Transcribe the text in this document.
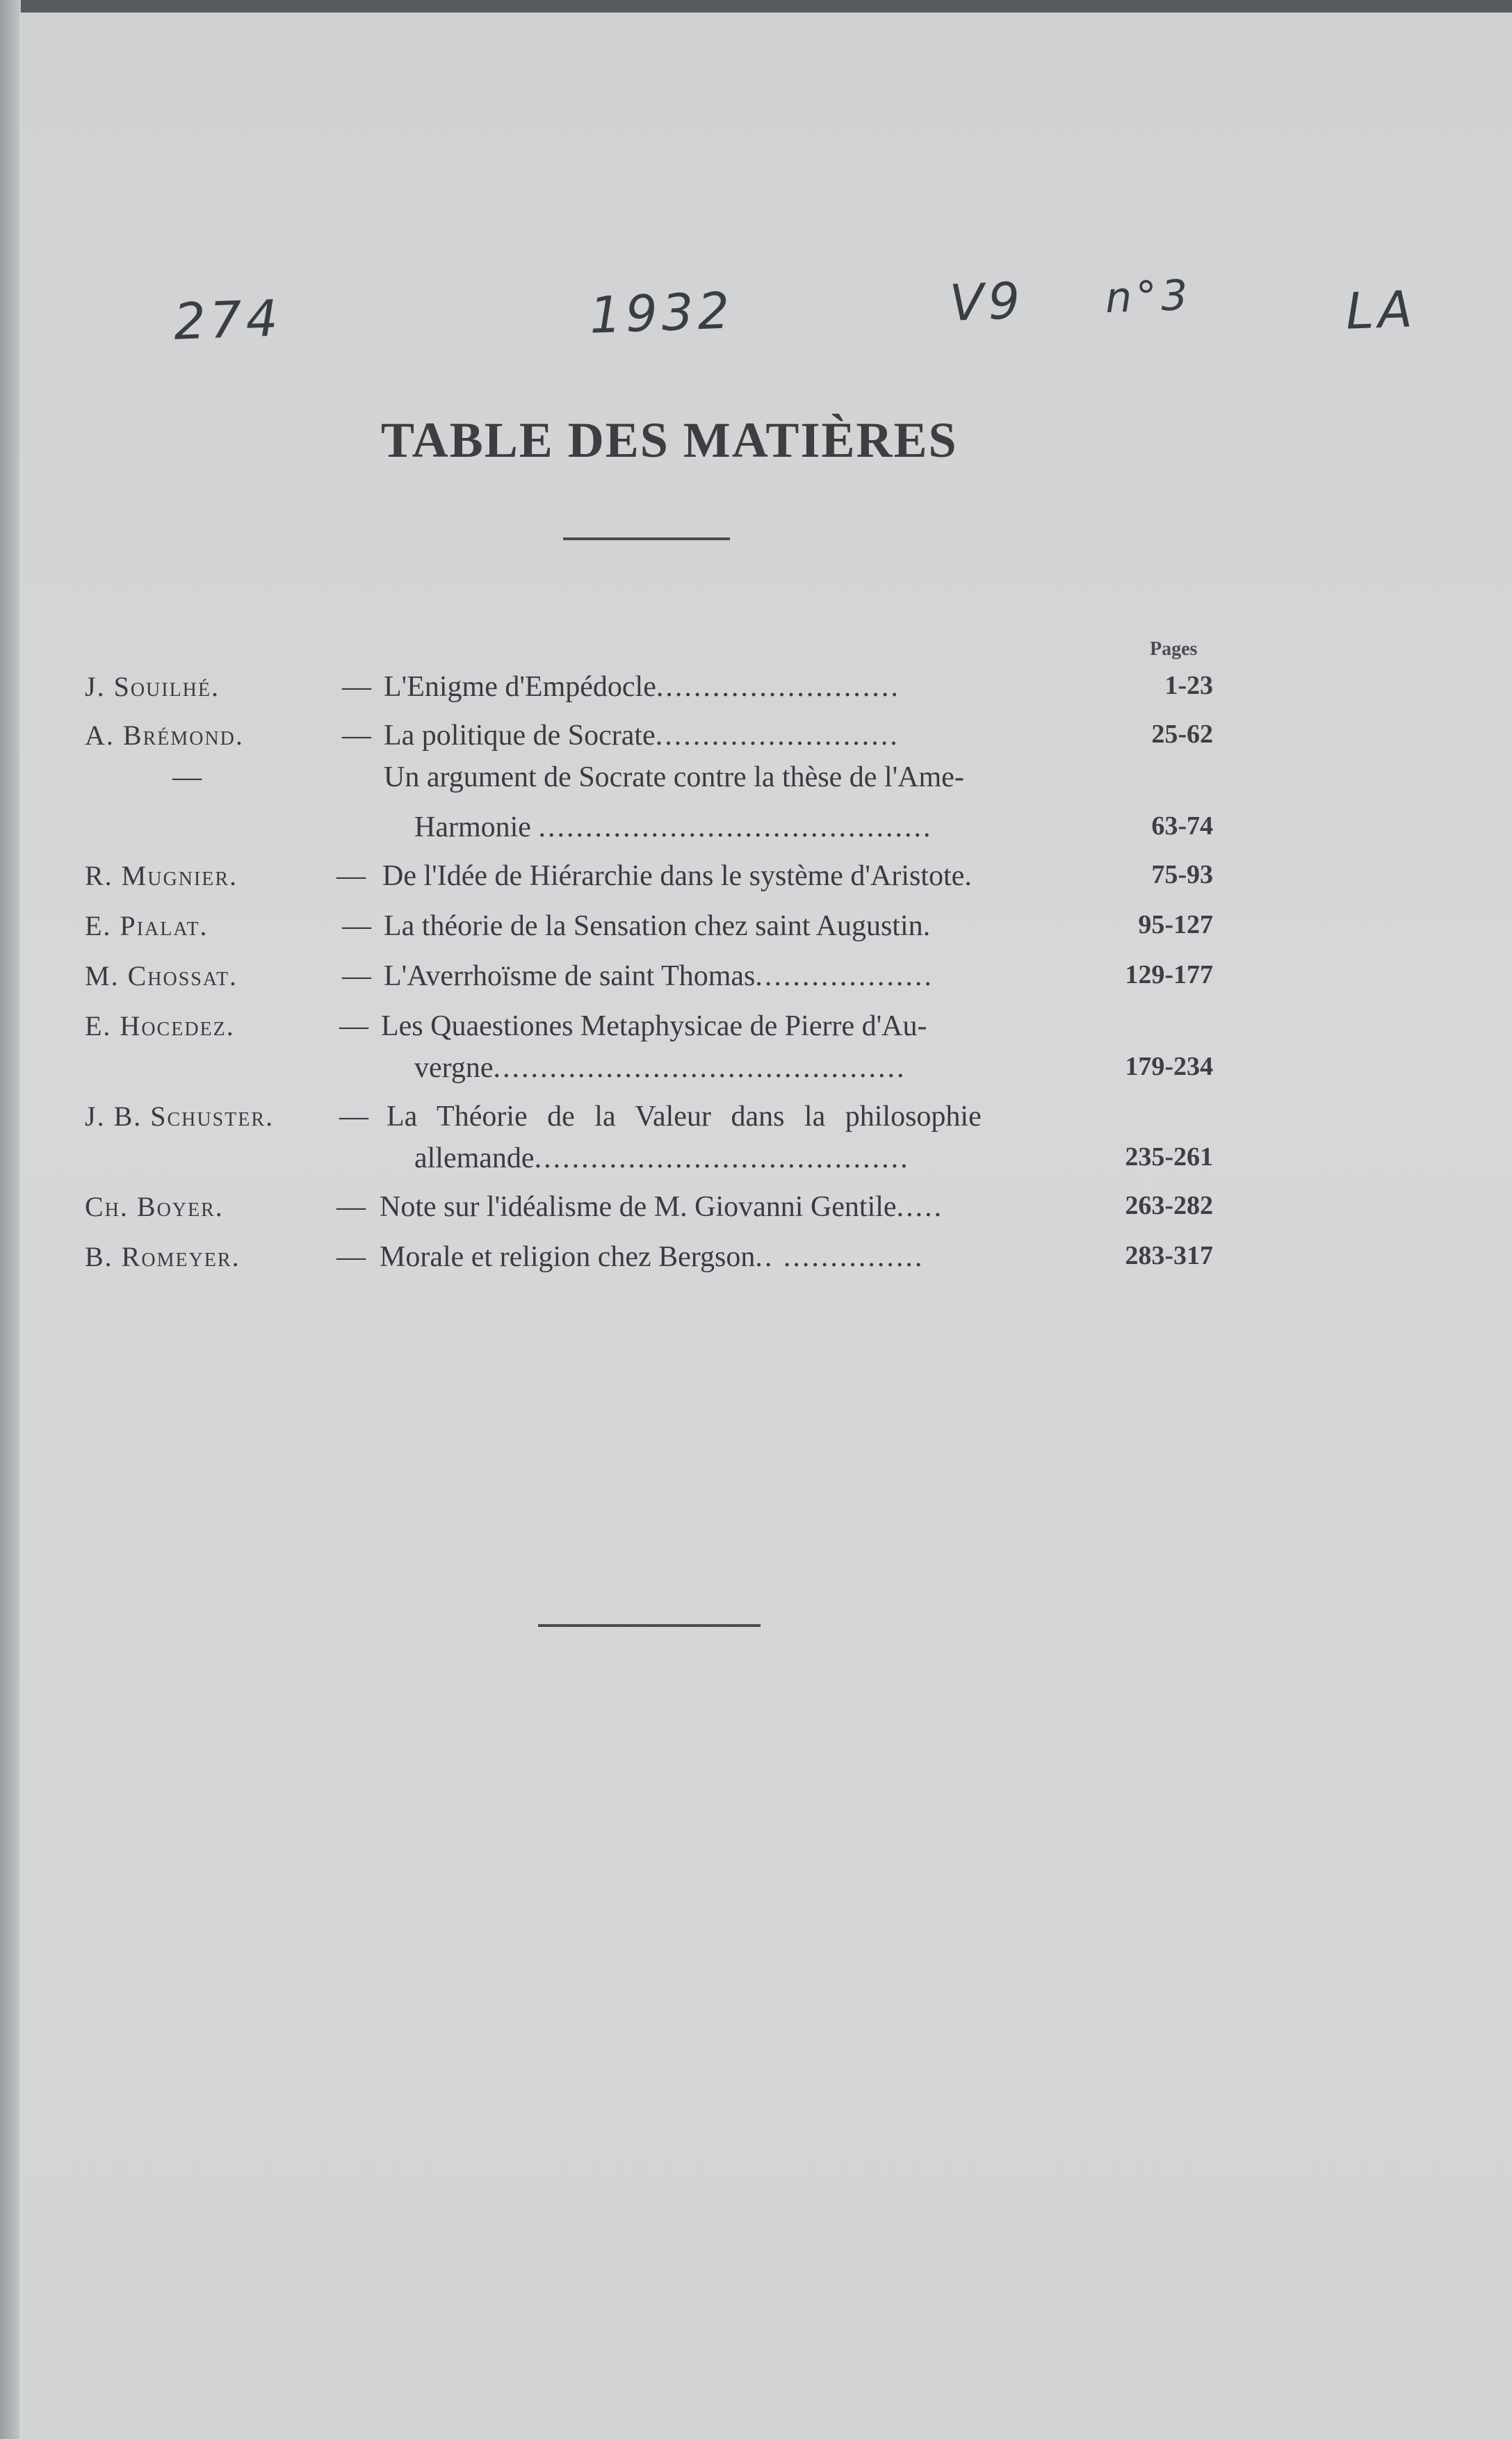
274	1932	V9 n°3	LA
TABLE DES MATIÈRES
Pages
J. Souilhé.	— L'Enigme d'Empédocle..........................	1-23
A. Brémond.	— La politique de Socrate..........................	25-62
—	Un argument de Socrate contre la thèse de l'Ame-
Harmonie ..........................................	63-74
R. Mugnier.	— De l'Idée de Hiérarchie dans le système d'Aristote.	75-93
E. Pialat.	— La théorie de la Sensation chez saint Augustin.	95-127
M. Chossat.	— L'Averrhoïsme de saint Thomas...................	129-177
E. Hocedez.	— Les Quaestiones Metaphysicae de Pierre d'Au-
vergne............................................	179-234
J. B. Schuster. — La Théorie de la Valeur dans la philosophie
allemande........................................	235-261
Ch. Boyer.	— Note sur l'idéalisme de M. Giovanni Gentile.....	263-282
B. Romeyer.	— Morale et religion chez Bergson.. ...............	283-317
